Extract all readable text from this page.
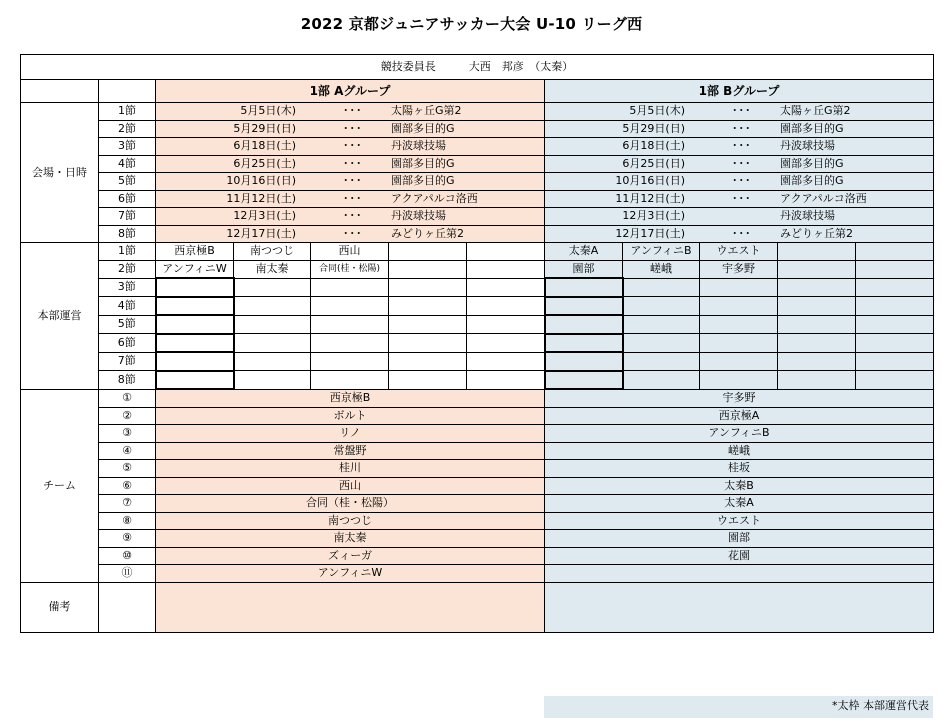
2022 京都ジュニアサッカー大会 U-10 リーグ西
競技委員長　　　大西　邦彦　（太秦）											
		1部 Aグループ					1部 Bグループ				
会場・日時	1節	5月5日(木) ･･･ 太陽ヶ丘G第2					5月5日(木) ･･･ 太陽ヶ丘G第2				

	2節	5月29日(日) ･･･ 園部多目的G					5月29日(日) ･･･ 園部多目的G				

	3節	6月18日(土) ･･･ 丹波球技場					6月18日(土) ･･･ 丹波球技場				

	4節	6月25日(土) ･･･ 園部多目的G					6月25日(日) ･･･ 園部多目的G				

	5節	10月16日(日) ･･･ 園部多目的G					10月16日(日) ･･･ 園部多目的G				

	6節	11月12日(土) ･･･ アクアパルコ洛西					11月12日(土) ･･･ アクアパルコ洛西				

	7節	12月3日(土) ･･･ 丹波球技場					12月3日(土) 丹波球技場				

	8節	12月17日(土) ･･･ みどりヶ丘第2					12月17日(土) ･･･ みどりヶ丘第2				

本部運営	1節	西京極B	南つつじ	西山			太秦A	アンフィニB	ウエスト		
	2節	アンフィニW	南太秦	合同(桂・松陽)			園部	嵯峨	宇多野		
	3節										
	4節										
	5節										
	6節										
	7節										
	8節										
チーム	①	西京極B					宇多野				
	②	ボルト					西京極A				
	③	リノ					アンフィニB				
	④	常盤野					嵯峨				
	⑤	桂川					桂坂				
	⑥	西山					太秦B				
	⑦	合同（桂・松陽）					太秦A				
	⑧	南つつじ					ウエスト				
	⑨	南太秦					園部				
	⑩	ズィーガ					花園				
	⑪	アンフィニW									
備考											
*太枠 本部運営代表
